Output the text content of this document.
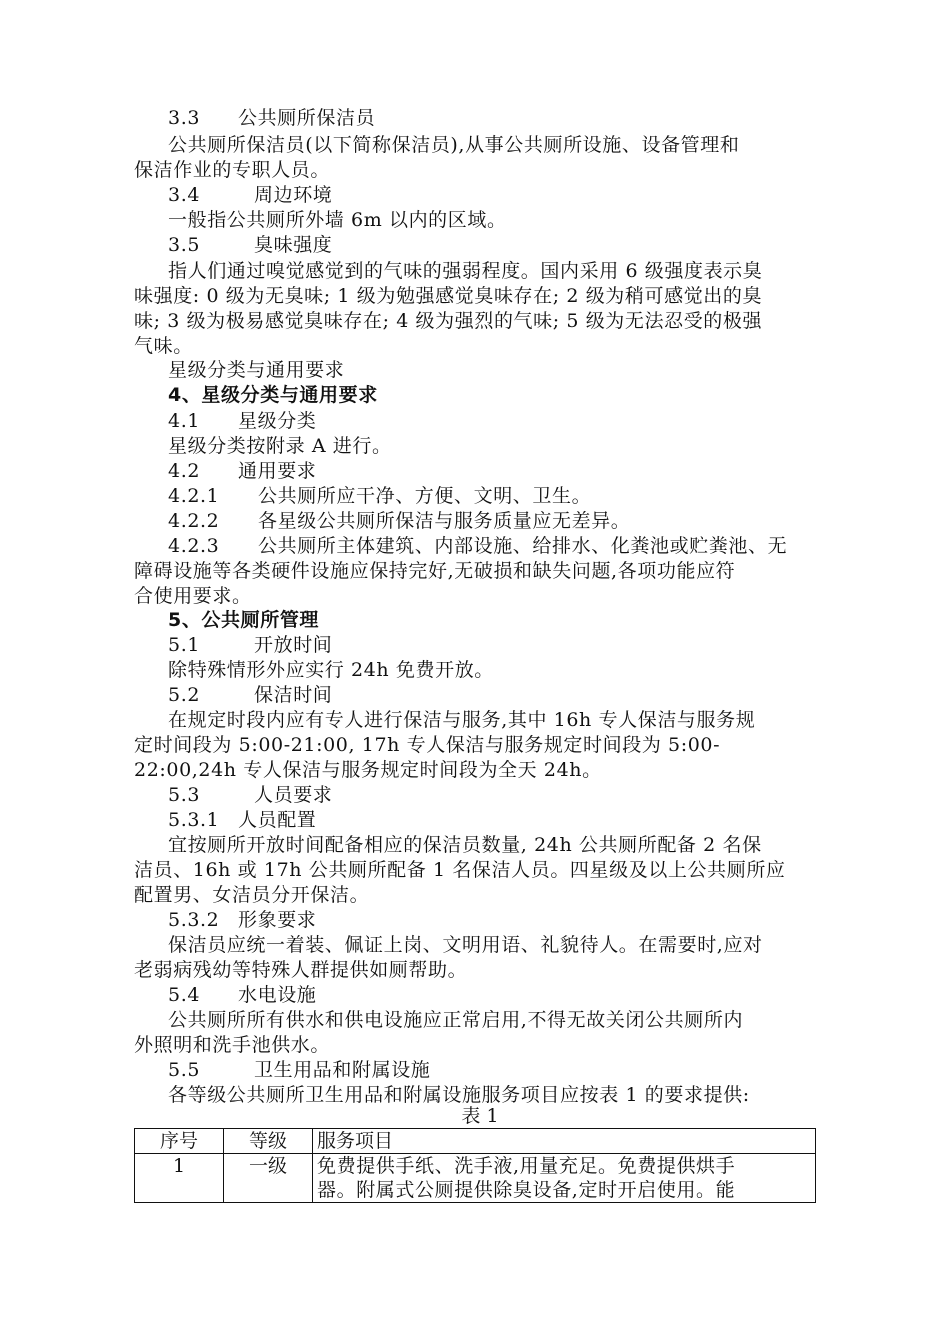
3.3 公共厕所保洁员
公共厕所保洁员(以下简称保洁员),从事公共厕所设施、设备管理和
保洁作业的专职人员。
3.4	周边环境
一般指公共厕所外墙 6m 以内的区域。
3.5	臭味强度
指人们通过嗅觉感觉到的气味的强弱程度。国内采用 6 级强度表示臭
味强度: 0 级为无臭味; 1 级为勉强感觉臭味存在; 2 级为稍可感觉出的臭
味; 3 级为极易感觉臭味存在; 4 级为强烈的气味; 5 级为无法忍受的极强
气味。
星级分类与通用要求
4、星级分类与通用要求
4.1 星级分类
星级分类按附录 A 进行。
4.2 通用要求
4.2.1 公共厕所应干净、方便、文明、卫生。
4.2.2 各星级公共厕所保洁与服务质量应无差异。
4.2.3 公共厕所主体建筑、内部设施、给排水、化粪池或贮粪池、无
障碍设施等各类硬件设施应保持完好,无破损和缺失问题,各项功能应符
合使用要求。
5、公共厕所管理
5.1	开放时间
除特殊情形外应实行 24h 免费开放。
5.2	保洁时间
在规定时段内应有专人进行保洁与服务,其中 16h 专人保洁与服务规
定时间段为 5:00-21:00, 17h 专人保洁与服务规定时间段为 5:00-
22:00,24h 专人保洁与服务规定时间段为全天 24h。
5.3	人员要求
5.3.1 人员配置
宜按厕所开放时间配备相应的保洁员数量, 24h 公共厕所配备 2 名保
洁员、16h 或 17h 公共厕所配备 1 名保洁人员。四星级及以上公共厕所应
配置男、女洁员分开保洁。
5.3.2 形象要求
保洁员应统一着装、佩证上岗、文明用语、礼貌待人。在需要时,应对
老弱病残幼等特殊人群提供如厕帮助。
5.4 水电设施
公共厕所所有供水和供电设施应正常启用,不得无故关闭公共厕所内
外照明和洗手池供水。
5.5	卫生用品和附属设施
各等级公共厕所卫生用品和附属设施服务项目应按表 1 的要求提供:
表 1
序号	等级	服务项目
1	一级	免费提供手纸、洗手液,用量充足。免费提供烘手
器。附属式公厕提供除臭设备,定时开启使用。能
